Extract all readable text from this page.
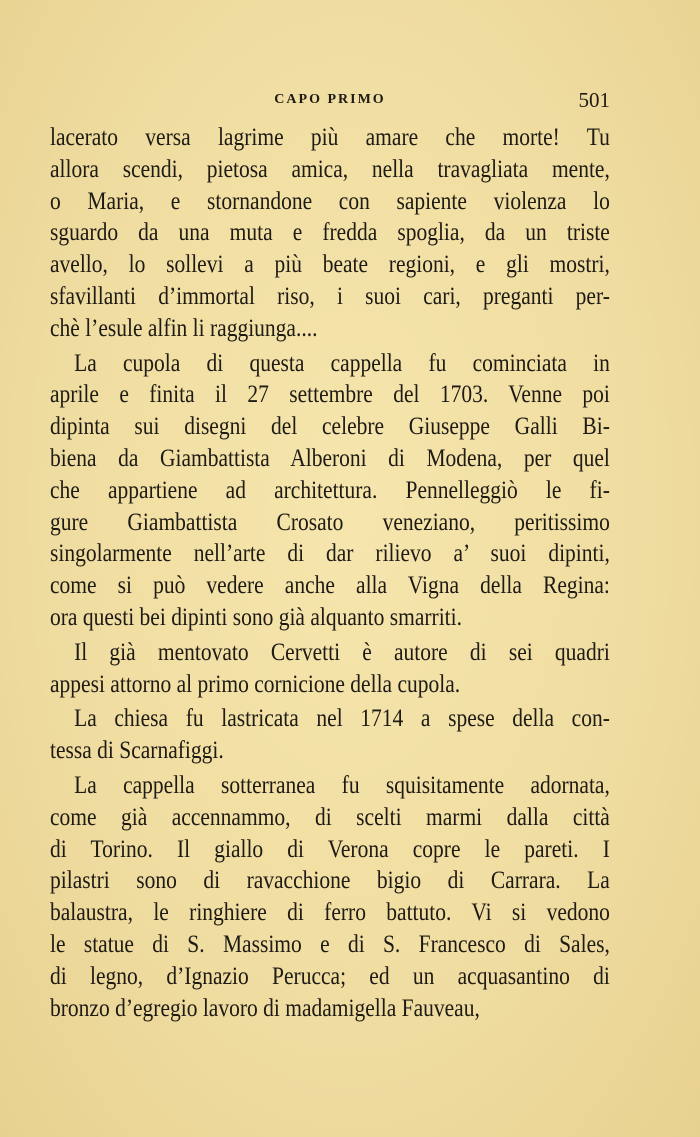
CAPO PRIMO	501
lacerato versa lagrime più amare che morte! Tu
allora scendi, pietosa amica, nella travagliata mente,
o Maria, e stornandone con sapiente violenza lo
sguardo da una muta e fredda spoglia, da un triste
avello, lo sollevi a più beate regioni, e gli mostri,
sfavillanti d’immortal riso, i suoi cari, preganti per-
chè l’esule alfin li raggiunga....
La cupola di questa cappella fu cominciata in
aprile e finita il 27 settembre del 1703. Venne poi
dipinta sui disegni del celebre Giuseppe Galli Bi-
biena da Giambattista Alberoni di Modena, per quel
che appartiene ad architettura. Pennelleggiò le fi-
gure Giambattista Crosato veneziano, peritissimo
singolarmente nell’arte di dar rilievo a’ suoi dipinti,
come si può vedere anche alla Vigna della Regina:
ora questi bei dipinti sono già alquanto smarriti.
Il già mentovato Cervetti è autore di sei quadri
appesi attorno al primo cornicione della cupola.
La chiesa fu lastricata nel 1714 a spese della con-
tessa di Scarnafiggi.
La cappella sotterranea fu squisitamente adornata,
come già accennammo, di scelti marmi dalla città
di Torino. Il giallo di Verona copre le pareti. I
pilastri sono di ravacchione bigio di Carrara. La
balaustra, le ringhiere di ferro battuto. Vi si vedono
le statue di S. Massimo e di S. Francesco di Sales,
di legno, d’Ignazio Perucca; ed un acquasantino di
bronzo d’egregio lavoro di madamigella Fauveau,
